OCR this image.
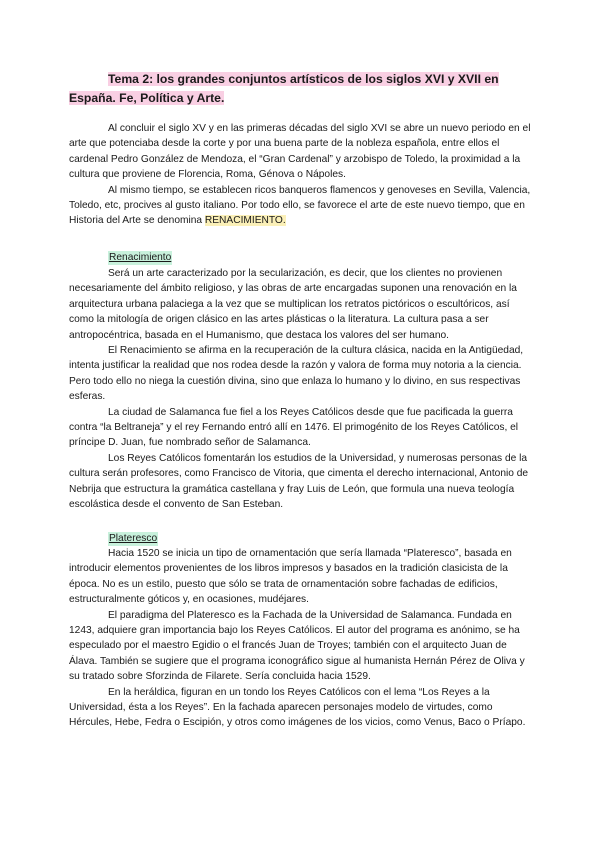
Tema 2: los grandes conjuntos artísticos de los siglos XVI y XVII en España. Fe, Política y Arte.

Al concluir el siglo XV y en las primeras décadas del siglo XVI se abre un nuevo periodo en el arte que potenciaba desde la corte y por una buena parte de la nobleza española, entre ellos el cardenal Pedro González de Mendoza, el “Gran Cardenal” y arzobispo de Toledo, la proximidad a la cultura que proviene de Florencia, Roma, Génova o Nápoles.

Al mismo tiempo, se establecen ricos banqueros flamencos y genoveses en Sevilla, Valencia, Toledo, etc, procives al gusto italiano. Por todo ello, se favorece el arte de este nuevo tiempo, que en Historia del Arte se denomina RENACIMIENTO.

Renacimiento

Será un arte caracterizado por la secularización, es decir, que los clientes no provienen necesariamente del ámbito religioso, y las obras de arte encargadas suponen una renovación en la arquitectura urbana palaciega a la vez que se multiplican los retratos pictóricos o escultóricos, así como la mitología de origen clásico en las artes plásticas o la literatura. La cultura pasa a ser antropocéntrica, basada en el Humanismo, que destaca los valores del ser humano.

El Renacimiento se afirma en la recuperación de la cultura clásica, nacida en la Antigüedad, intenta justificar la realidad que nos rodea desde la razón y valora de forma muy notoria a la ciencia. Pero todo ello no niega la cuestión divina, sino que enlaza lo humano y lo divino, en sus respectivas esferas.

La ciudad de Salamanca fue fiel a los Reyes Católicos desde que fue pacificada la guerra contra “la Beltraneja” y el rey Fernando entró allí en 1476. El primogénito de los Reyes Católicos, el príncipe D. Juan, fue nombrado señor de Salamanca.

Los Reyes Católicos fomentarán los estudios de la Universidad, y numerosas personas de la cultura serán profesores, como Francisco de Vitoria, que cimenta el derecho internacional, Antonio de Nebrija que estructura la gramática castellana y fray Luis de León, que formula una nueva teología escolástica desde el convento de San Esteban.

Plateresco

Hacia 1520 se inicia un tipo de ornamentación que sería llamada “Plateresco”, basada en introducir elementos provenientes de los libros impresos y basados en la tradición clasicista de la época. No es un estilo, puesto que sólo se trata de ornamentación sobre fachadas de edificios, estructuralmente góticos y, en ocasiones, mudéjares.

El paradigma del Plateresco es la Fachada de la Universidad de Salamanca. Fundada en 1243, adquiere gran importancia bajo los Reyes Católicos. El autor del programa es anónimo, se ha especulado por el maestro Egidio o el francés Juan de Troyes; también con el arquitecto Juan de Álava. También se sugiere que el programa iconográfico sigue al humanista Hernán Pérez de Oliva y su tratado sobre Sforzinda de Filarete. Sería concluida hacia 1529.

En la heráldica, figuran en un tondo los Reyes Católicos con el lema “Los Reyes a la Universidad, ésta a los Reyes”. En la fachada aparecen personajes modelo de virtudes, como Hércules, Hebe, Fedra o Escipión, y otros como imágenes de los vicios, como Venus, Baco o Príapo.
